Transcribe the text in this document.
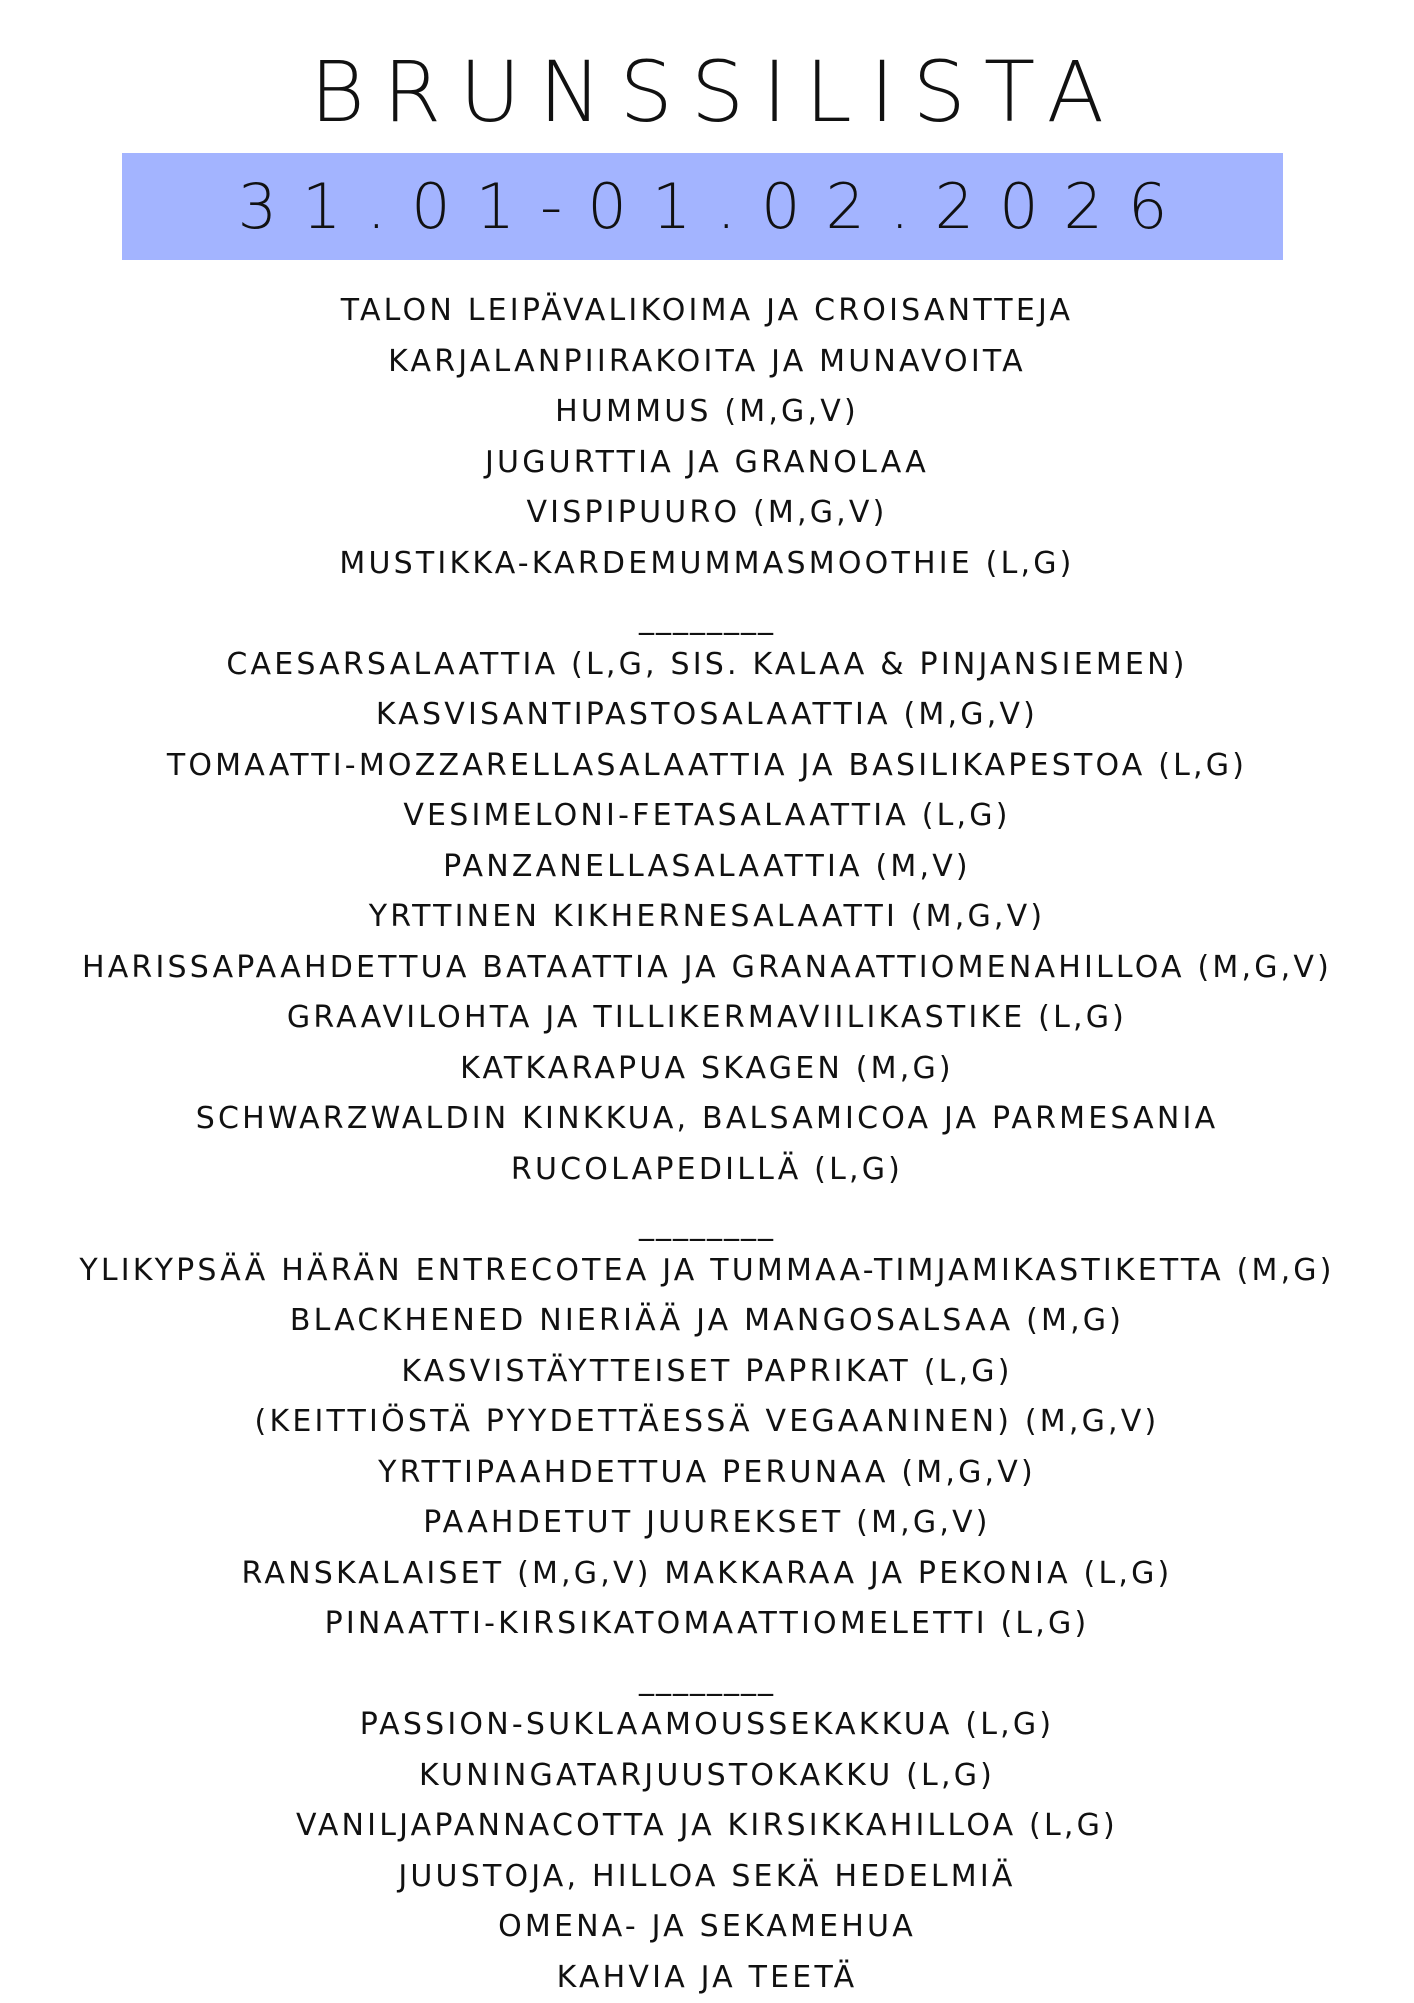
BRUNSSILISTA
31.01-01.02.2026
TALON LEIPÄVALIKOIMA JA CROISANTTEJA
KARJALANPIIRAKOITA JA MUNAVOITA
HUMMUS (M,G,V)
JUGURTTIA JA GRANOLAA
VISPIPUURO (M,G,V)
MUSTIKKA-KARDEMUMMASMOOTHIE (L,G)
________
CAESARSALAATTIA (L,G, SIS. KALAA & PINJANSIEMEN)
KASVISANTIPASTOSALAATTIA (M,G,V)
TOMAATTI-MOZZARELLASALAATTIA JA BASILIKAPESTOA (L,G)
VESIMELONI-FETASALAATTIA (L,G)
PANZANELLASALAATTIA (M,V)
YRTTINEN KIKHERNESALAATTI (M,G,V)
HARISSAPAAHDETTUA BATAATTIA JA GRANAATTIOMENAHILLOA (M,G,V)
GRAAVILOHTA JA TILLIKERMAVIILIKASTIKE (L,G)
KATKARAPUA SKAGEN (M,G)
SCHWARZWALDIN KINKKUA, BALSAMICOA JA PARMESANIA
RUCOLAPEDILLÄ (L,G)
________
YLIKYPSÄÄ HÄRÄN ENTRECOTEA JA TUMMAA-TIMJAMIKASTIKETTA (M,G)
BLACKHENED NIERIÄÄ JA MANGOSALSAA (M,G)
KASVISTÄYTTEISET PAPRIKAT (L,G)
(KEITTIÖSTÄ PYYDETTÄESSÄ VEGAANINEN) (M,G,V)
YRTTIPAAHDETTUA PERUNAA (M,G,V)
PAAHDETUT JUUREKSET (M,G,V)
RANSKALAISET (M,G,V) MAKKARAA JA PEKONIA (L,G)
PINAATTI-KIRSIKATOMAATTIOMELETTI (L,G)
________
PASSION-SUKLAAMOUSSEKAKKUA (L,G)
KUNINGATARJUUSTOKAKKU (L,G)
VANILJAPANNACOTTA JA KIRSIKKAHILLOA (L,G)
JUUSTOJA, HILLOA SEKÄ HEDELMIÄ
OMENA- JA SEKAMEHUA
KAHVIA JA TEETÄ
